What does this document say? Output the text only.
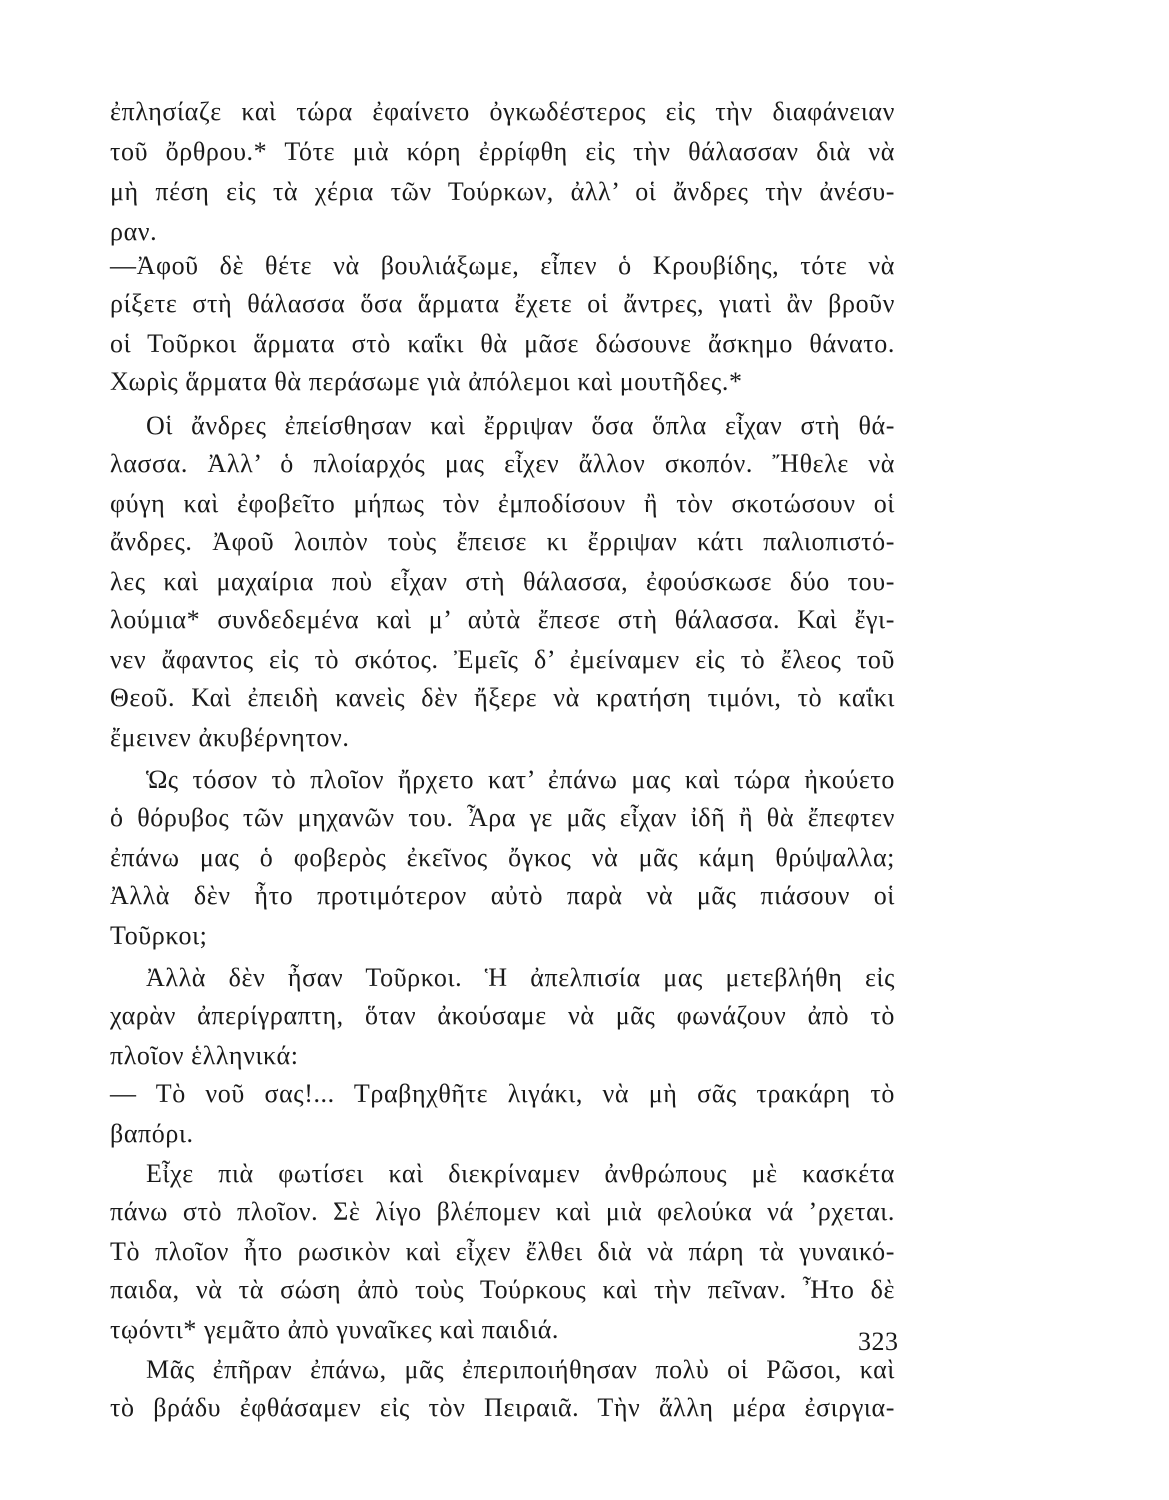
ἐπλησίαζε καὶ τώρα ἐφαίνετο ὀγκωδέστερος εἰς τὴν διαφάνειαν
τοῦ ὄρθρου.* Τότε μιὰ κόρη ἐρρίφθη εἰς τὴν θάλασσαν διὰ νὰ
μὴ πέση εἰς τὰ χέρια τῶν Τούρκων, ἀλλ’ οἱ ἄνδρες τὴν ἀνέσυ-
ραν.
—Ἀφοῦ δὲ θέτε νὰ βουλιάξωμε, εἶπεν ὁ Κρουβίδης, τότε νὰ
ρίξετε στὴ θάλασσα ὅσα ἅρματα ἔχετε οἱ ἄντρες, γιατὶ ἂν βροῦν
οἱ Τοῦρκοι ἅρματα στὸ καΐκι θὰ μᾶσε δώσουνε ἄσκημο θάνατο.
Χωρὶς ἅρματα θὰ περάσωμε γιὰ ἀπόλεμοι καὶ μουτῆδες.*
Οἱ ἄνδρες ἐπείσθησαν καὶ ἔρριψαν ὅσα ὅπλα εἶχαν στὴ θά-
λασσα. Ἀλλ’ ὁ πλοίαρχός μας εἶχεν ἄλλον σκοπόν. Ἤθελε νὰ
φύγη καὶ ἐφοβεῖτο μήπως τὸν ἐμποδίσουν ἢ τὸν σκοτώσουν οἱ
ἄνδρες. Ἀφοῦ λοιπὸν τοὺς ἔπεισε κι ἔρριψαν κάτι παλιοπιστό-
λες καὶ μαχαίρια ποὺ εἶχαν στὴ θάλασσα, ἐφούσκωσε δύο του-
λούμια* συνδεδεμένα καὶ μ’ αὐτὰ ἔπεσε στὴ θάλασσα. Καὶ ἔγι-
νεν ἄφαντος εἰς τὸ σκότος. Ἐμεῖς δ’ ἐμείναμεν εἰς τὸ ἔλεος τοῦ
Θεοῦ. Καὶ ἐπειδὴ κανεὶς δὲν ἤξερε νὰ κρατήση τιμόνι, τὸ καΐκι
ἔμεινεν ἀκυβέρνητον.
Ὡς τόσον τὸ πλοῖον ἤρχετο κατ’ ἐπάνω μας καὶ τώρα ἠκούετο
ὁ θόρυβος τῶν μηχανῶν του. Ἆρα γε μᾶς εἶχαν ἰδῆ ἢ θὰ ἔπεφτεν
ἐπάνω μας ὁ φοβερὸς ἐκεῖνος ὄγκος νὰ μᾶς κάμη θρύψαλλα;
Ἀλλὰ δὲν ἦτο προτιμότερον αὐτὸ παρὰ νὰ μᾶς πιάσουν οἱ
Τοῦρκοι;
Ἀλλὰ δὲν ἦσαν Τοῦρκοι. Ἡ ἀπελπισία μας μετεβλήθη εἰς
χαρὰν ἀπερίγραπτη, ὅταν ἀκούσαμε νὰ μᾶς φωνάζουν ἀπὸ τὸ
πλοῖον ἑλληνικά:
— Τὸ νοῦ σας!... Τραβηχθῆτε λιγάκι, νὰ μὴ σᾶς τρακάρη τὸ
βαπόρι.
Εἶχε πιὰ φωτίσει καὶ διεκρίναμεν ἀνθρώπους μὲ κασκέτα
πάνω στὸ πλοῖον. Σὲ λίγο βλέπομεν καὶ μιὰ φελούκα νά ’ρχεται.
Τὸ πλοῖον ἦτο ρωσικὸν καὶ εἶχεν ἔλθει διὰ νὰ πάρη τὰ γυναικό-
παιδα, νὰ τὰ σώση ἀπὸ τοὺς Τούρκους καὶ τὴν πεῖναν. Ἦτο δὲ
τῳόντι* γεμᾶτο ἀπὸ γυναῖκες καὶ παιδιά.
Μᾶς ἐπῆραν ἐπάνω, μᾶς ἐπεριποιήθησαν πολὺ οἱ Ρῶσοι, καὶ
τὸ βράδυ ἐφθάσαμεν εἰς τὸν Πειραιᾶ. Τὴν ἄλλη μέρα ἐσιργια-
323
